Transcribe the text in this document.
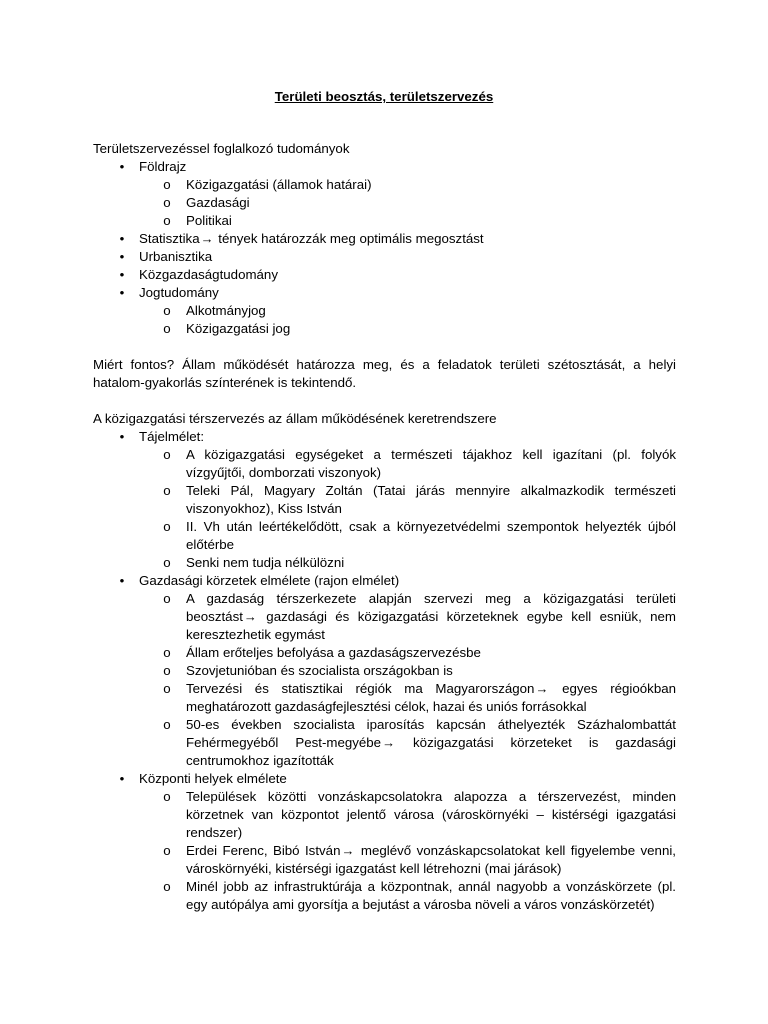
Területi beosztás, területszervezés

Területszervezéssel foglalkozó tudományok

• Földrajz
o Közigazgatási (államok határai)
o Gazdasági
o Politikai
• Statisztika→ tények határozzák meg optimális megosztást
• Urbanisztika
• Közgazdaságtudomány
• Jogtudomány
o Alkotmányjog
o Közigazgatási jog

Miért fontos? Állam működését határozza meg, és a feladatok területi szétosztását, a helyi hatalom-gyakorlás színterének is tekintendő.

A közigazgatási térszervezés az állam működésének keretrendszere

• Tájelmélet:
o A közigazgatási egységeket a természeti tájakhoz kell igazítani (pl. folyók vízgyűjtői, domborzati viszonyok)
o Teleki Pál, Magyary Zoltán (Tatai járás mennyire alkalmazkodik természeti viszonyokhoz), Kiss István
o II. Vh után leértékelődött, csak a környezetvédelmi szempontok helyezték újból előtérbe
o Senki nem tudja nélkülözni
• Gazdasági körzetek elmélete (rajon elmélet)
o A gazdaság térszerkezete alapján szervezi meg a közigazgatási területi beosztást→ gazdasági és közigazgatási körzeteknek egybe kell esniük, nem keresztezhetik egymást
o Állam erőteljes befolyása a gazdaságszervezésbe
o Szovjetunióban és szocialista országokban is
o Tervezési és statisztikai régiók ma Magyarországon→ egyes régioókban meghatározott gazdaságfejlesztési célok, hazai és uniós forrásokkal
o 50-es években szocialista iparosítás kapcsán áthelyezték Százhalombattát Fehérmegyéből Pest-megyébe→ közigazgatási körzeteket is gazdasági centrumokhoz igazították
• Központi helyek elmélete
o Települések közötti vonzáskapcsolatokra alapozza a térszervezést, minden körzetnek van központot jelentő városa (városkörnyéki – kistérségi igazgatási rendszer)
o Erdei Ferenc, Bibó István→ meglévő vonzáskapcsolatokat kell figyelembe venni, városkörnyéki, kistérségi igazgatást kell létrehozni (mai járások)
o Minél jobb az infrastruktúrája a központnak, annál nagyobb a vonzáskörzete (pl. egy autópálya ami gyorsítja a bejutást a városba növeli a város vonzáskörzetét)
